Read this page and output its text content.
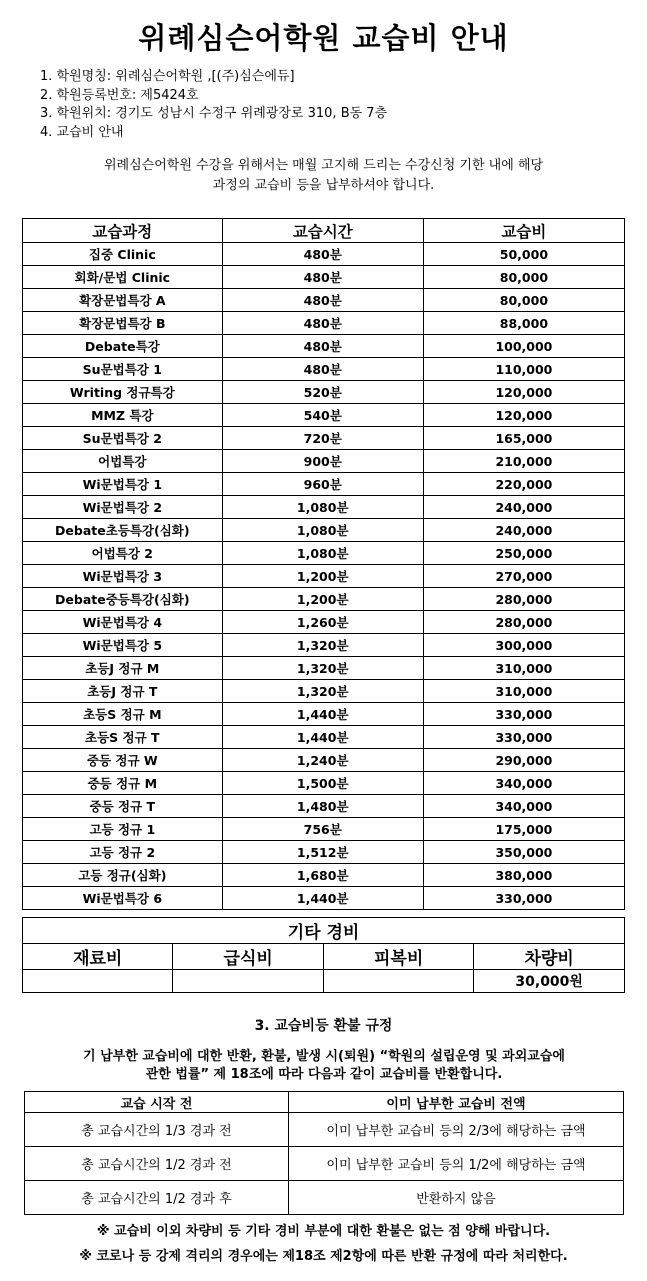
위례심슨어학원 교습비 안내
1. 학원명칭: 위례심슨어학원 ,[(주)심슨에듀]
2. 학원등록번호: 제5424호
3. 학원위치: 경기도 성남시 수정구 위례광장로 310, B동 7층
4. 교습비 안내
위례심슨어학원 수강을 위해서는 매월 고지해 드리는 수강신청 기한 내에 해당
과정의 교습비 등을 납부하셔야 합니다.
교습과정	교습시간	교습비
집중 Clinic	480분	50,000
회화/문법 Clinic	480분	80,000
확장문법특강 A	480분	80,000
확장문법특강 B	480분	88,000
Debate특강	480분	100,000
Su문법특강 1	480분	110,000
Writing 정규특강	520분	120,000
MMZ 특강	540분	120,000
Su문법특강 2	720분	165,000
어법특강	900분	210,000
Wi문법특강 1	960분	220,000
Wi문법특강 2	1,080분	240,000
Debate초등특강(심화)	1,080분	240,000
어법특강 2	1,080분	250,000
Wi문법특강 3	1,200분	270,000
Debate중등특강(심화)	1,200분	280,000
Wi문법특강 4	1,260분	280,000
Wi문법특강 5	1,320분	300,000
초등J 정규 M	1,320분	310,000
초등J 정규 T	1,320분	310,000
초등S 정규 M	1,440분	330,000
초등S 정규 T	1,440분	330,000
중등 정규 W	1,240분	290,000
중등 정규 M	1,500분	340,000
중등 정규 T	1,480분	340,000
고등 정규 1	756분	175,000
고등 정규 2	1,512분	350,000
고등 정규(심화)	1,680분	380,000
Wi문법특강 6	1,440분	330,000
기타 경비			
재료비	급식비	피복비	차량비
			30,000원
3. 교습비등 환불 규정
기 납부한 교습비에 대한 반환, 환불, 발생 시(퇴원) “학원의 설립운영 및 과외교습에
관한 법률” 제 18조에 따라 다음과 같이 교습비를 반환합니다.
교습 시작 전	이미 납부한 교습비 전액
총 교습시간의 1/3 경과 전	이미 납부한 교습비 등의 2/3에 해당하는 금액
총 교습시간의 1/2 경과 전	이미 납부한 교습비 등의 1/2에 해당하는 금액
총 교습시간의 1/2 경과 후	반환하지 않음
※ 교습비 이외 차량비 등 기타 경비 부분에 대한 환불은 없는 점 양해 바랍니다.
※ 코로나 등 강제 격리의 경우에는 제18조 제2항에 따른 반환 규정에 따라 처리한다.
